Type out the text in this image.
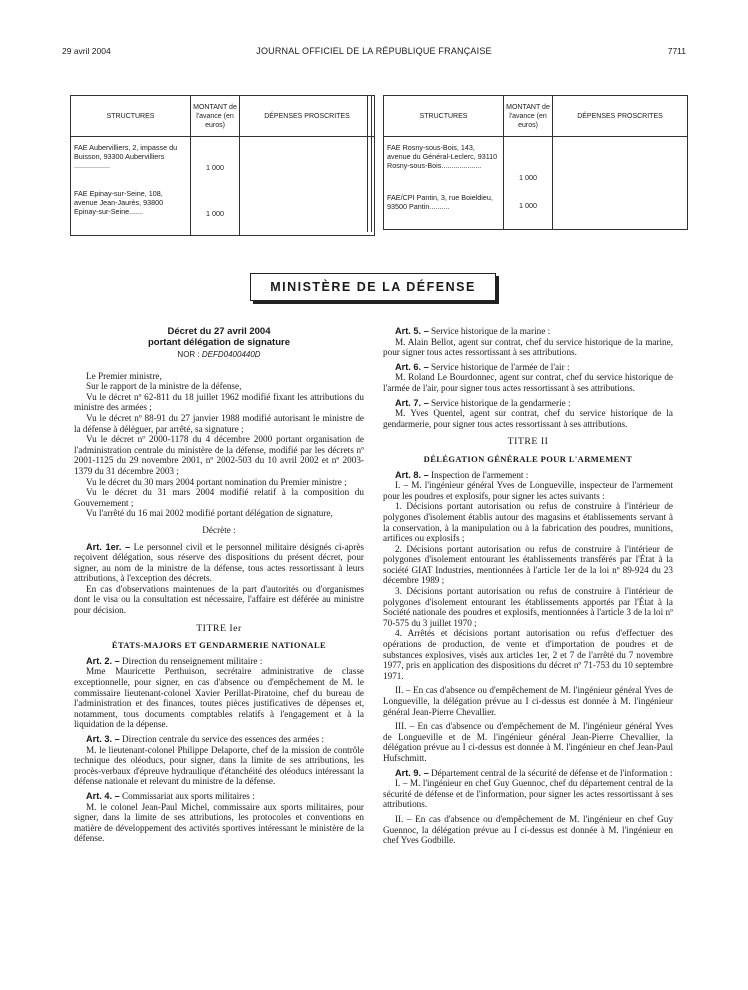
29 avril 2004	JOURNAL OFFICIEL DE LA RÉPUBLIQUE FRANÇAISE	7711
STRUCTURES	MONTANT de l'avance (en euros)	DÉPENSES PROSCRITES
FAE Aubervilliers, 2, impasse du Buisson, 93300 Aubervilliers ..................	1 000	
FAE Epinay-sur-Seine, 108, avenue Jean-Jaurès, 93800 Epinay-sur-Seine.......	1 000	
STRUCTURES	MONTANT de l'avance (en euros)	DÉPENSES PROSCRITES
FAE Rosny-sous-Bois, 143, avenue du Général-Leclerc, 93110 Rosny-sous-Bois....................	1 000	
FAE/CPI Pantin, 3, rue Boieldieu, 93500 Pantin..........	1 000	
MINISTÈRE DE LA DÉFENSE
Décret du 27 avril 2004
portant délégation de signature
NOR : DEFD0400440D

Le Premier ministre,

Sur le rapport de la ministre de la défense,

Vu le décret nº 62-811 du 18 juillet 1962 modifié fixant les attributions du ministre des armées ;

Vu le décret nº 88-91 du 27 janvier 1988 modifié autorisant le ministre de la défense à déléguer, par arrêté, sa signature ;

Vu le décret nº 2000-1178 du 4 décembre 2000 portant organisation de l'administration centrale du ministère de la défense, modifié par les décrets nº 2001-1125 du 29 novembre 2001, nº 2002-503 du 10 avril 2002 et nº 2003-1379 du 31 décembre 2003 ;

Vu le décret du 30 mars 2004 portant nomination du Premier ministre ;

Vu le décret du 31 mars 2004 modifié relatif à la composition du Gouvernement ;

Vu l'arrêté du 16 mai 2002 modifié portant délégation de signature,

Décrète :

Art. 1er. – Le personnel civil et le personnel militaire désignés ci-après reçoivent délégation, sous réserve des dispositions du présent décret, pour signer, au nom de la ministre de la défense, tous actes ressortissant à leurs attributions, à l'exception des décrets.

En cas d'observations maintenues de la part d'autorités ou d'organismes dont le visa ou la consultation est nécessaire, l'affaire est déférée au ministre pour décision.

TITRE Ier
ÉTATS-MAJORS ET GENDARMERIE NATIONALE

Art. 2. – Direction du renseignement militaire :

Mme Mauricette Perthuison, secrétaire administrative de classe exceptionnelle, pour signer, en cas d'absence ou d'empêchement de M. le commissaire lieutenant-colonel Xavier Perillat-Piratoine, chef du bureau de l'administration et des finances, toutes pièces justificatives de dépenses et, notamment, tous documents comptables relatifs à l'engagement et à la liquidation de la dépense.

Art. 3. – Direction centrale du service des essences des armées :

M. le lieutenant-colonel Philippe Delaporte, chef de la mission de contrôle technique des oléoducs, pour signer, dans la limite de ses attributions, les procès-verbaux d'épreuve hydraulique d'étanchéité des oléoducs intéressant la défense nationale et relevant du ministre de la défense.

Art. 4. – Commissariat aux sports militaires :

M. le colonel Jean-Paul Michel, commissaire aux sports militaires, pour signer, dans la limite de ses attributions, les protocoles et conventions en matière de développement des activités sportives intéressant le ministère de la défense.

Art. 5. – Service historique de la marine :

M. Alain Bellot, agent sur contrat, chef du service historique de la marine, pour signer tous actes ressortissant à ses attributions.

Art. 6. – Service historique de l'armée de l'air :

M. Roland Le Bourdonnec, agent sur contrat, chef du service historique de l'armée de l'air, pour signer tous actes ressortissant à ses attributions.

Art. 7. – Service historique de la gendarmerie :

M. Yves Quentel, agent sur contrat, chef du service historique de la gendarmerie, pour signer tous actes ressortissant à ses attributions.

TITRE II
DÉLÉGATION GÉNÉRALE POUR L'ARMEMENT

Art. 8. – Inspection de l'armement :

I. – M. l'ingénieur général Yves de Longueville, inspecteur de l'armement pour les poudres et explosifs, pour signer les actes suivants :

1. Décisions portant autorisation ou refus de construire à l'intérieur de polygones d'isolement établis autour des magasins et établissements servant à la conservation, à la manipulation ou à la fabrication des poudres, munitions, artifices ou explosifs ;

2. Décisions portant autorisation ou refus de construire à l'intérieur de polygones d'isolement entourant les établissements transférés par l'État à la société GIAT Industries, mentionnées à l'article 1er de la loi nº 89-924 du 23 décembre 1989 ;

3. Décisions portant autorisation ou refus de construire à l'intérieur de polygones d'isolement entourant les établissements apportés par l'État à la Société nationale des poudres et explosifs, mentionnées à l'article 3 de la loi nº 70-575 du 3 juillet 1970 ;

4. Arrêtés et décisions portant autorisation ou refus d'effectuer des opérations de production, de vente et d'importation de poudres et de substances explosives, visés aux articles 1er, 2 et 7 de l'arrêté du 7 novembre 1977, pris en application des dispositions du décret nº 71-753 du 10 septembre 1971.

II. – En cas d'absence ou d'empêchement de M. l'ingénieur général Yves de Longueville, la délégation prévue au I ci-dessus est donnée à M. l'ingénieur général Jean-Pierre Chevallier.

III. – En cas d'absence ou d'empêchement de M. l'ingénieur général Yves de Longueville et de M. l'ingénieur général Jean-Pierre Chevallier, la délégation prévue au I ci-dessus est donnée à M. l'ingénieur en chef Jean-Paul Hufschmitt.

Art. 9. – Département central de la sécurité de défense et de l'information :

I. – M. l'ingénieur en chef Guy Guennoc, chef du département central de la sécurité de défense et de l'information, pour signer les actes ressortissant à ses attributions.

II. – En cas d'absence ou d'empêchement de M. l'ingénieur en chef Guy Guennoc, la délégation prévue au I ci-dessus est donnée à M. l'ingénieur en chef Yves Godbille.
